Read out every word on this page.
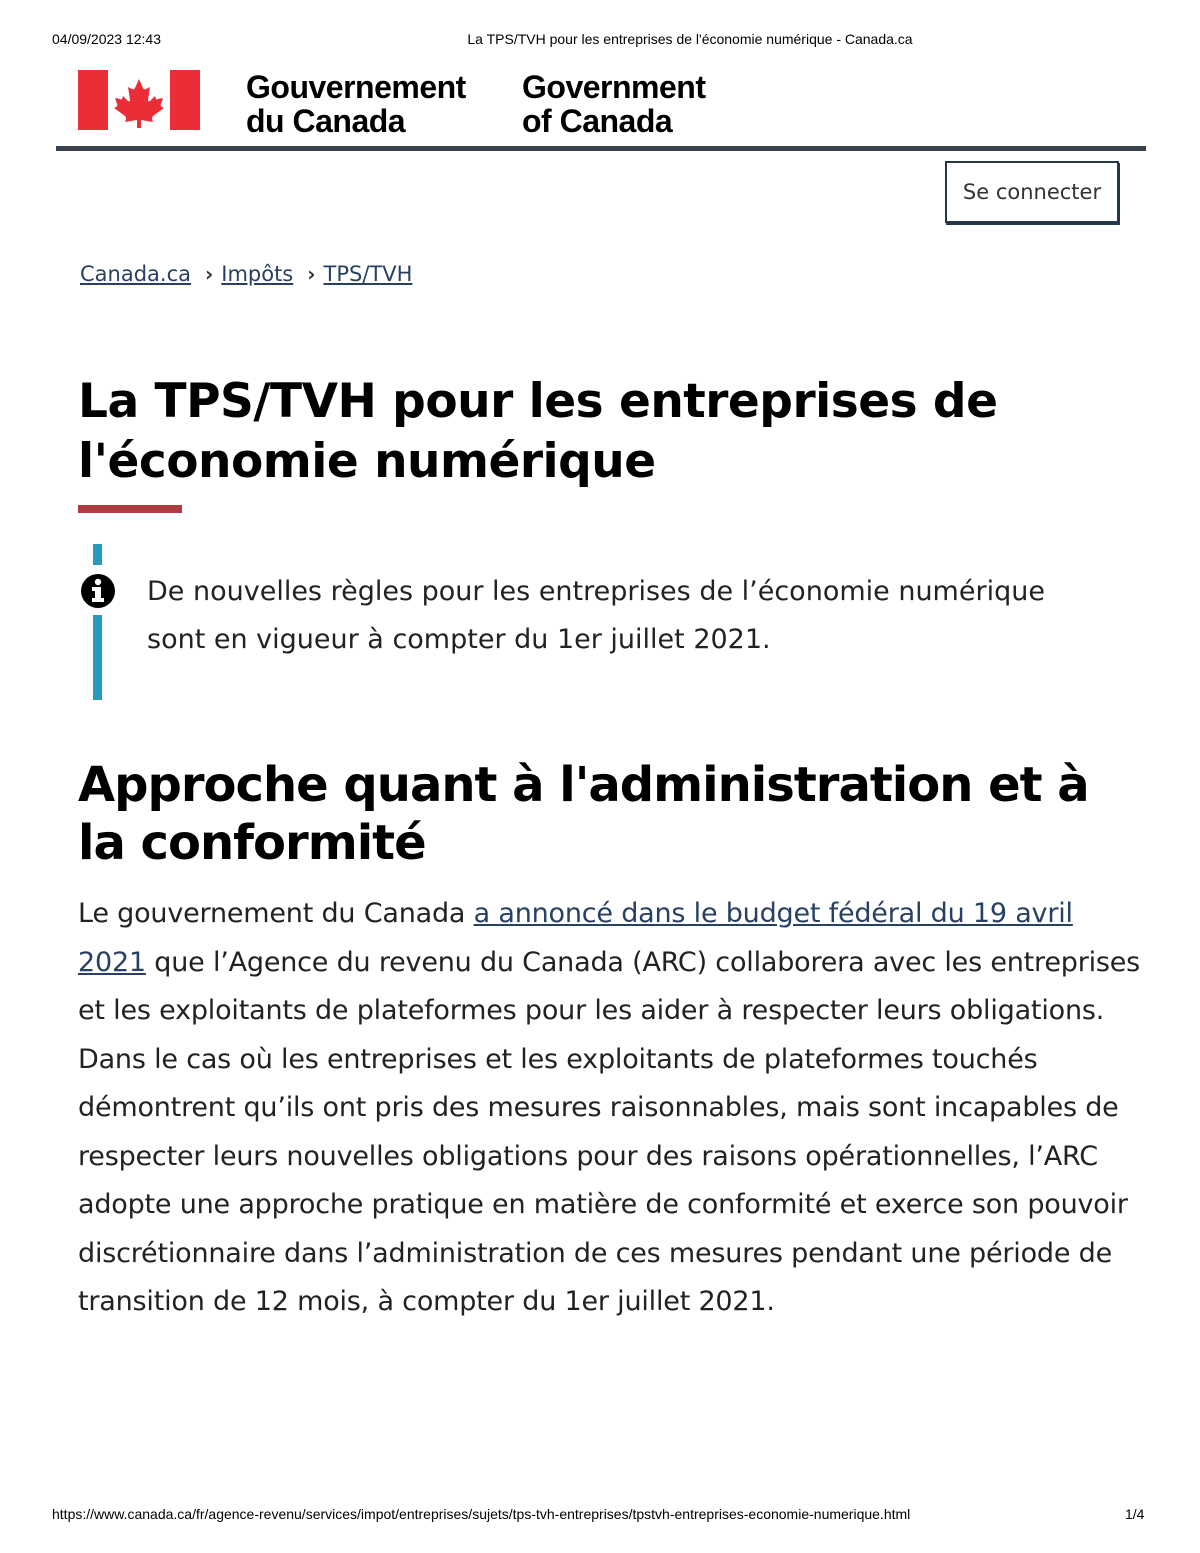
04/09/2023 12:43	La TPS/TVH pour les entreprises de l'économie numérique - Canada.ca
Gouvernement
du Canada
Government
of Canada
Se connecter
Canada.ca › Impôts › TPS/TVH
La TPS/TVH pour les entreprises de l'économie numérique
De nouvelles règles pour les entreprises de l’économie numérique sont en vigueur à compter du 1er juillet 2021.
Approche quant à l'administration et à la conformité

Le gouvernement du Canada a annoncé dans le budget fédéral du 19 avril 2021 que l’Agence du revenu du Canada (ARC) collaborera avec les entreprises et les exploitants de plateformes pour les aider à respecter leurs obligations. Dans le cas où les entreprises et les exploitants de plateformes touchés démontrent qu’ils ont pris des mesures raisonnables, mais sont incapables de respecter leurs nouvelles obligations pour des raisons opérationnelles, l’ARC adopte une approche pratique en matière de conformité et exerce son pouvoir discrétionnaire dans l’administration de ces mesures pendant une période de transition de 12 mois, à compter du 1er juillet 2021.

https://www.canada.ca/fr/agence-revenu/services/impot/entreprises/sujets/tps-tvh-entreprises/tpstvh-entreprises-economie-numerique.html	1/4
